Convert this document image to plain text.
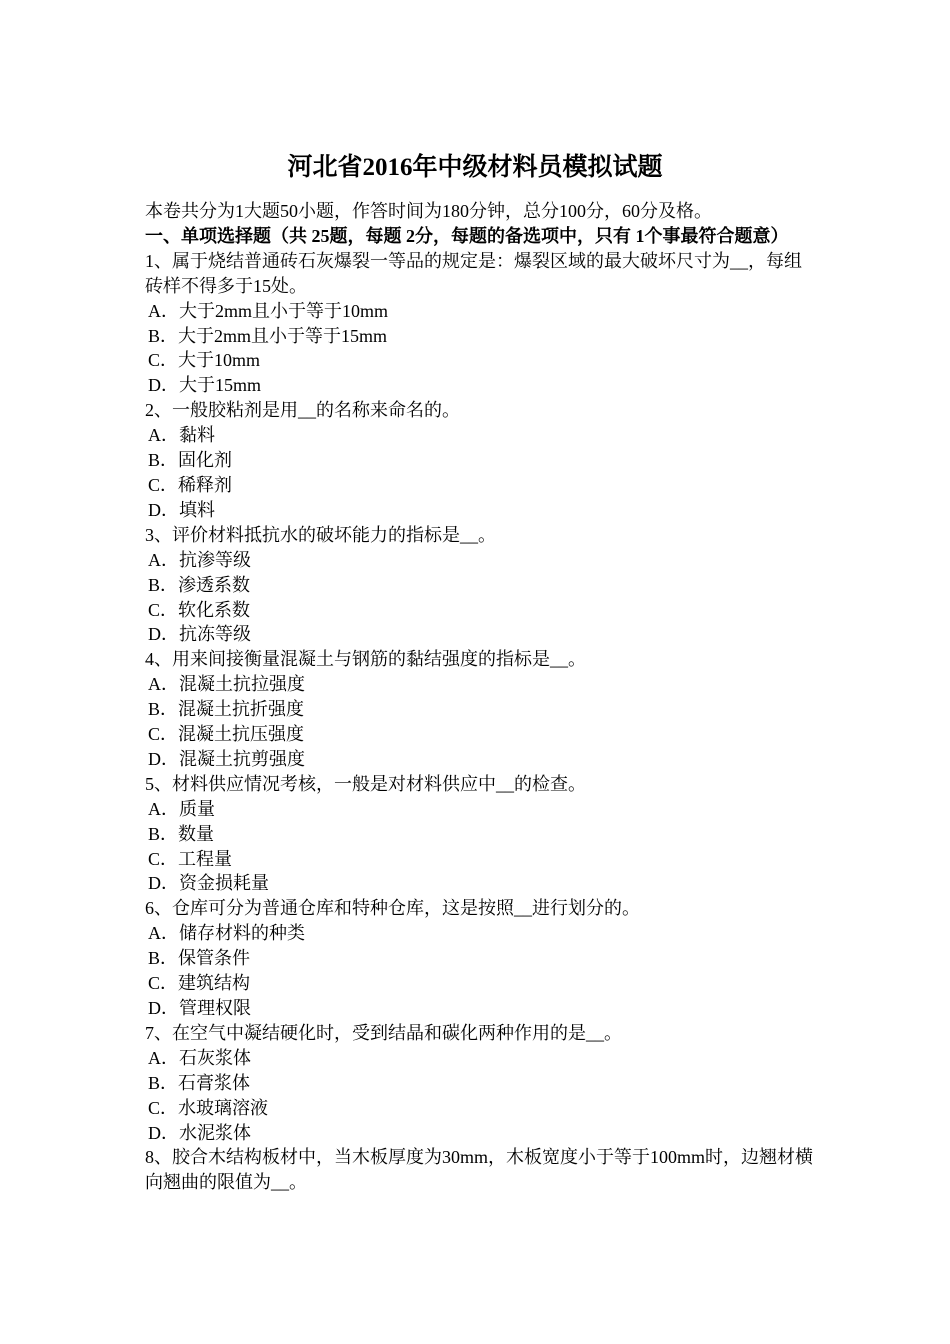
河北省2016年中级材料员模拟试题
本卷共分为1大题50小题，作答时间为180分钟，总分100分，60分及格。
一、单项选择题（共 25题，每题 2分，每题的备选项中，只有 1个事最符合题意）
1、属于烧结普通砖石灰爆裂一等品的规定是：爆裂区域的最大破坏尺寸为__，每组砖样不得多于15处。
A．大于2mm且小于等于10mm
B．大于2mm且小于等于15mm
C．大于10mm
D．大于15mm
2、一般胶粘剂是用__的名称来命名的。
A．黏料
B．固化剂
C．稀释剂
D．填料
3、评价材料抵抗水的破坏能力的指标是__。
A．抗渗等级
B．渗透系数
C．软化系数
D．抗冻等级
4、用来间接衡量混凝土与钢筋的黏结强度的指标是__。
A．混凝土抗拉强度
B．混凝土抗折强度
C．混凝土抗压强度
D．混凝土抗剪强度
5、材料供应情况考核，一般是对材料供应中__的检查。
A．质量
B．数量
C．工程量
D．资金损耗量
6、仓库可分为普通仓库和特种仓库，这是按照__进行划分的。
A．储存材料的种类
B．保管条件
C．建筑结构
D．管理权限
7、在空气中凝结硬化时，受到结晶和碳化两种作用的是__。
A．石灰浆体
B．石膏浆体
C．水玻璃溶液
D．水泥浆体
8、胶合木结构板材中，当木板厚度为30mm，木板宽度小于等于100mm时，边翘材横向翘曲的限值为__。
